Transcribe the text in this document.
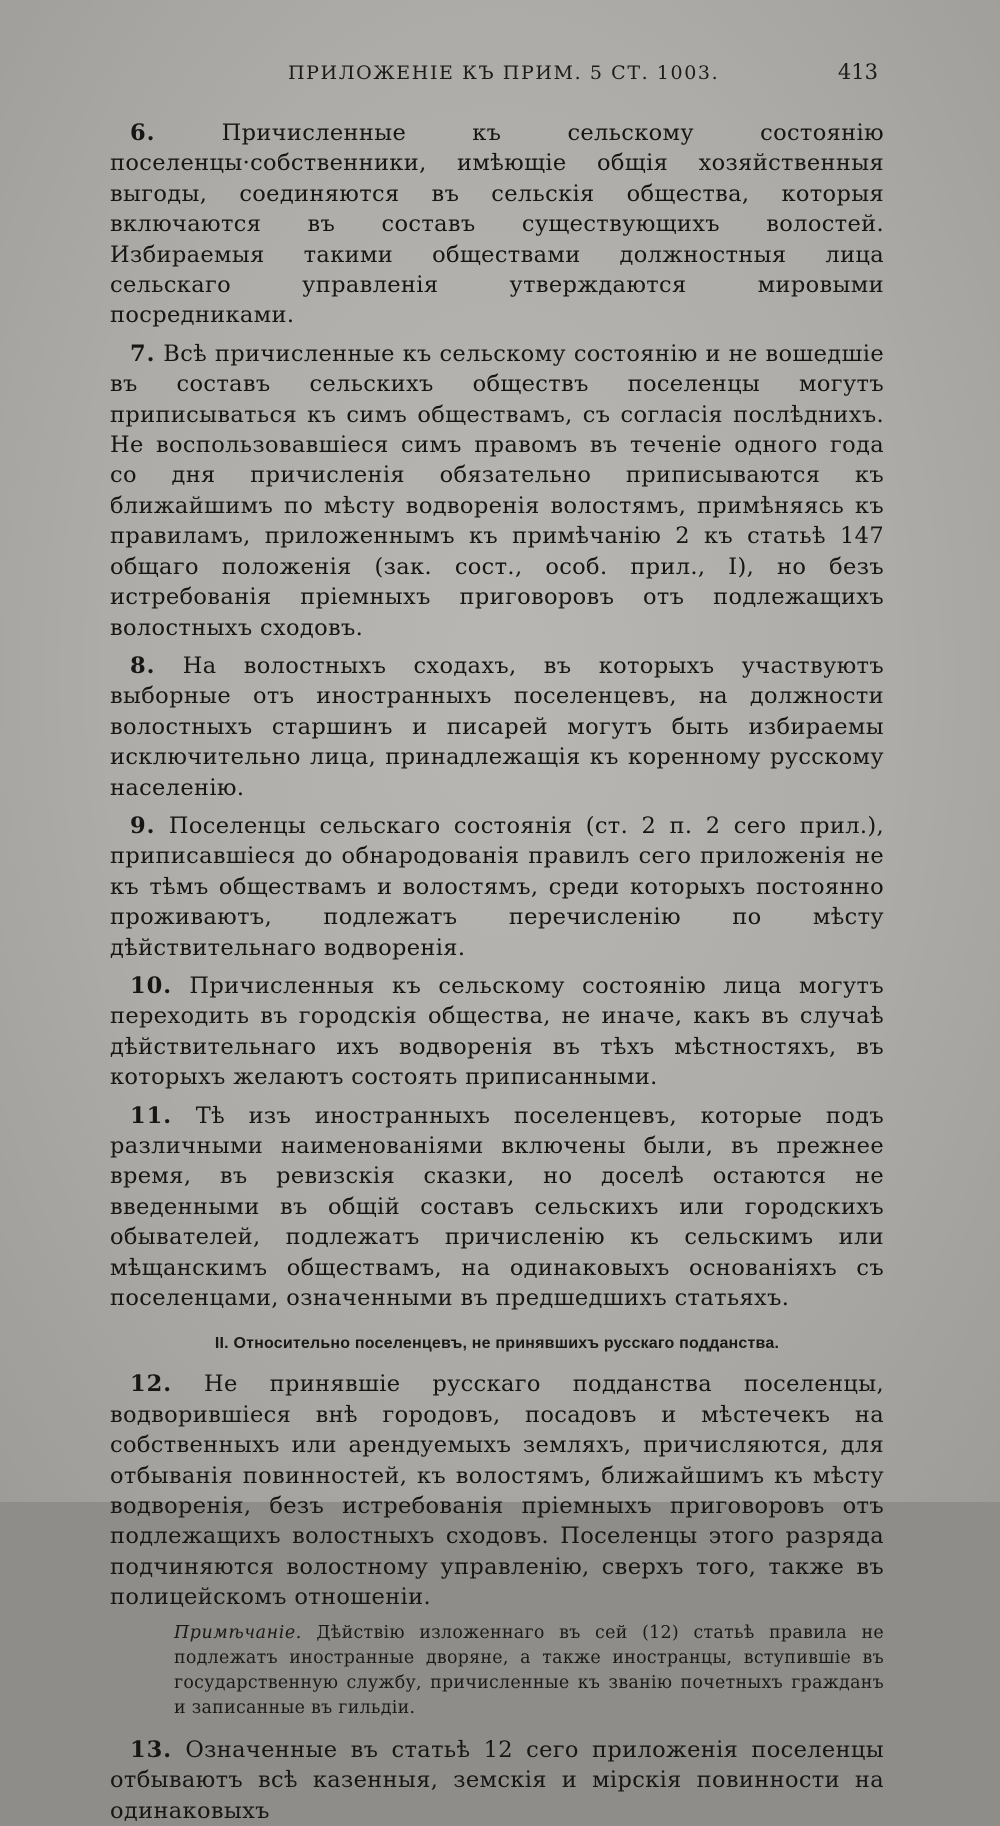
ПРИЛОЖЕНІЕ КЪ ПРИМ. 5 СТ. 1003.	413

6. Причисленные къ сельскому состоянію поселенцы·собственники, имѣющіе общія хозяйственныя выгоды, соединяются въ сельскія общества, которыя включаются въ составъ существующихъ волостей. Избираемыя такими обществами должностныя лица сельскаго управленія утверждаются мировыми посредниками.

7. Всѣ причисленные къ сельскому состоянію и не вошедшіе въ составъ сельскихъ обществъ поселенцы могутъ приписываться къ симъ обществамъ, съ согласія послѣднихъ. Не воспользовавшіеся симъ правомъ въ теченіе одного года со дня причисленія обязательно приписываются къ ближайшимъ по мѣсту водворенія волостямъ, примѣняясь къ правиламъ, приложеннымъ къ примѣчанію 2 къ статьѣ 147 общаго положенія (зак. сост., особ. прил., I), но безъ истребованія пріемныхъ приговоровъ отъ подлежащихъ волостныхъ сходовъ.

8. На волостныхъ сходахъ, въ которыхъ участвуютъ выборные отъ иностранныхъ поселенцевъ, на должности волостныхъ старшинъ и писарей могутъ быть избираемы исключительно лица, принадлежащія къ коренному русскому населенію.

9. Поселенцы сельскаго состоянія (ст. 2 п. 2 сего прил.), приписавшіеся до обнародованія правилъ сего приложенія не къ тѣмъ обществамъ и волостямъ, среди которыхъ постоянно проживаютъ, подлежатъ перечисленію по мѣсту дѣйствительнаго водворенія.

10. Причисленныя къ сельскому состоянію лица могутъ переходить въ городскія общества, не иначе, какъ въ случаѣ дѣйствительнаго ихъ водворенія въ тѣхъ мѣстностяхъ, въ которыхъ желаютъ состоять приписанными.

11. Тѣ изъ иностранныхъ поселенцевъ, которые подъ различными наименованіями включены были, въ прежнее время, въ ревизскія сказки, но доселѣ остаются не введенными въ общій составъ сельскихъ или городскихъ обывателей, подлежатъ причисленію къ сельскимъ или мѣщанскимъ обществамъ, на одинаковыхъ основаніяхъ съ поселенцами, означенными въ предшедшихъ статьяхъ.

II. Относительно поселенцевъ, не принявшихъ русскаго подданства.

12. Не принявшіе русскаго подданства поселенцы, водворившіеся внѣ городовъ, посадовъ и мѣстечекъ на собственныхъ или арендуемыхъ земляхъ, причисляются, для отбыванія повинностей, къ волостямъ, ближайшимъ къ мѣсту водворенія, безъ истребованія пріемныхъ приговоровъ отъ подлежащихъ волостныхъ сходовъ. Поселенцы этого разряда подчиняются волостному управленію, сверхъ того, также въ полицейскомъ отношеніи.

Примѣчаніе. Дѣйствію изложеннаго въ сей (12) статьѣ правила не подлежатъ иностранные дворяне, а также иностранцы, вступившіе въ государственную службу, причисленные къ званію почетныхъ гражданъ и записанные въ гильдіи.

13. Означенные въ статьѣ 12 сего приложенія поселенцы отбываютъ всѣ казенныя, земскія и мірскія повинности на одинаковыхъ
